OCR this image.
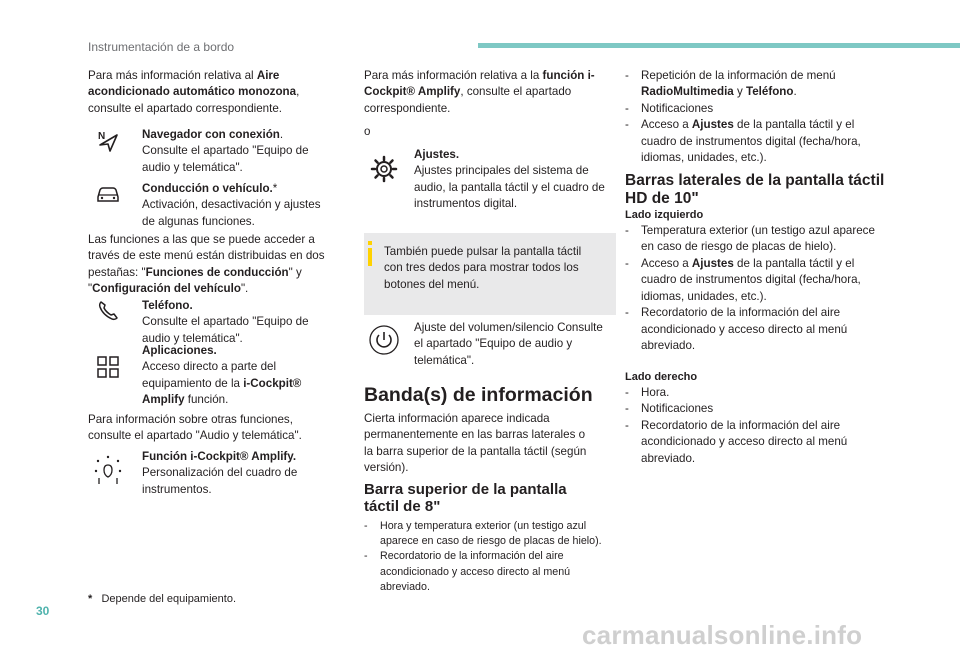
Instrumentación de a bordo
Para más información relativa al Aire acondicionado automático monozona, consulte el apartado correspondiente.
N	Navegador con conexión.
Consulte el apartado "Equipo de audio y telemática".
Conducción o vehículo.*
Activación, desactivación y ajustes de algunas funciones.
Las funciones a las que se puede acceder a través de este menú están distribuidas en dos pestañas: "Funciones de conducción" y "Configuración del vehículo".
Teléfono.
Consulte el apartado "Equipo de audio y telemática".
Aplicaciones.
Acceso directo a parte del equipamiento de la i-Cockpit® Amplify función.
Para información sobre otras funciones, consulte el apartado "Audio y telemática".
Función i-Cockpit® Amplify.
Personalización del cuadro de instrumentos.
* Depende del equipamiento.
Para más información relativa a la función i-Cockpit® Amplify, consulte el apartado correspondiente.
o
Ajustes.
Ajustes principales del sistema de audio, la pantalla táctil y el cuadro de instrumentos digital.
También puede pulsar la pantalla táctil con tres dedos para mostrar todos los botones del menú.
Ajuste del volumen/silencio Consulte el apartado "Equipo de audio y telemática".
Banda(s) de información
Cierta información aparece indicada permanentemente en las barras laterales o la barra superior de la pantalla táctil (según versión).
Barra superior de la pantalla táctil de 8"
- Hora y temperatura exterior (un testigo azul aparece en caso de riesgo de placas de hielo).
- Recordatorio de la información del aire acondicionado y acceso directo al menú abreviado.
- Repetición de la información de menú RadioMultimedia y Teléfono.
- Notificaciones
- Acceso a Ajustes de la pantalla táctil y el cuadro de instrumentos digital (fecha/hora, idiomas, unidades, etc.).
Barras laterales de la pantalla táctil HD de 10"
Lado izquierdo
- Temperatura exterior (un testigo azul aparece en caso de riesgo de placas de hielo).
- Acceso a Ajustes de la pantalla táctil y el cuadro de instrumentos digital (fecha/hora, idiomas, unidades, etc.).
- Recordatorio de la información del aire acondicionado y acceso directo al menú abreviado.
Lado derecho
- Hora.
- Notificaciones
- Recordatorio de la información del aire acondicionado y acceso directo al menú abreviado.
30
carmanualsonline.info
